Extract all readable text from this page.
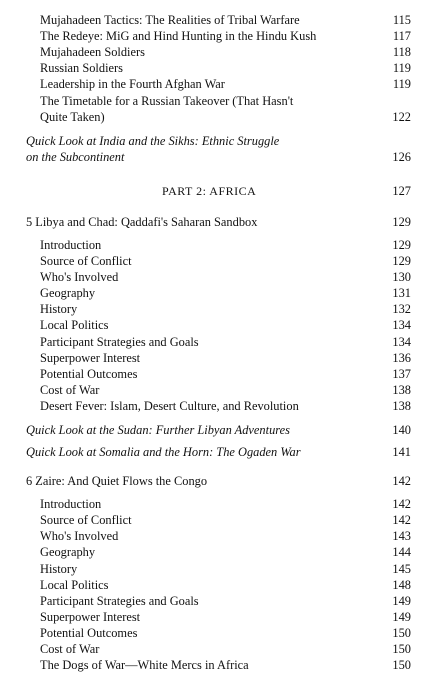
Mujahadeen Tactics: The Realities of Tribal Warfare	115
The Redeye: MiG and Hind Hunting in the Hindu Kush	117
Mujahadeen Soldiers	118
Russian Soldiers	119
Leadership in the Fourth Afghan War	119
The Timetable for a Russian Takeover (That Hasn't
Quite Taken)	122
Quick Look at India and the Sikhs: Ethnic Struggle
on the Subcontinent	126
PART 2: AFRICA	127
5 Libya and Chad: Qaddafi's Saharan Sandbox	129
Introduction	129
Source of Conflict	129
Who's Involved	130
Geography	131
History	132
Local Politics	134
Participant Strategies and Goals	134
Superpower Interest	136
Potential Outcomes	137
Cost of War	138
Desert Fever: Islam, Desert Culture, and Revolution	138
Quick Look at the Sudan: Further Libyan Adventures	140
Quick Look at Somalia and the Horn: The Ogaden War	141
6 Zaire: And Quiet Flows the Congo	142
Introduction	142
Source of Conflict	142
Who's Involved	143
Geography	144
History	145
Local Politics	148
Participant Strategies and Goals	149
Superpower Interest	149
Potential Outcomes	150
Cost of War	150
The Dogs of War—White Mercs in Africa	150
